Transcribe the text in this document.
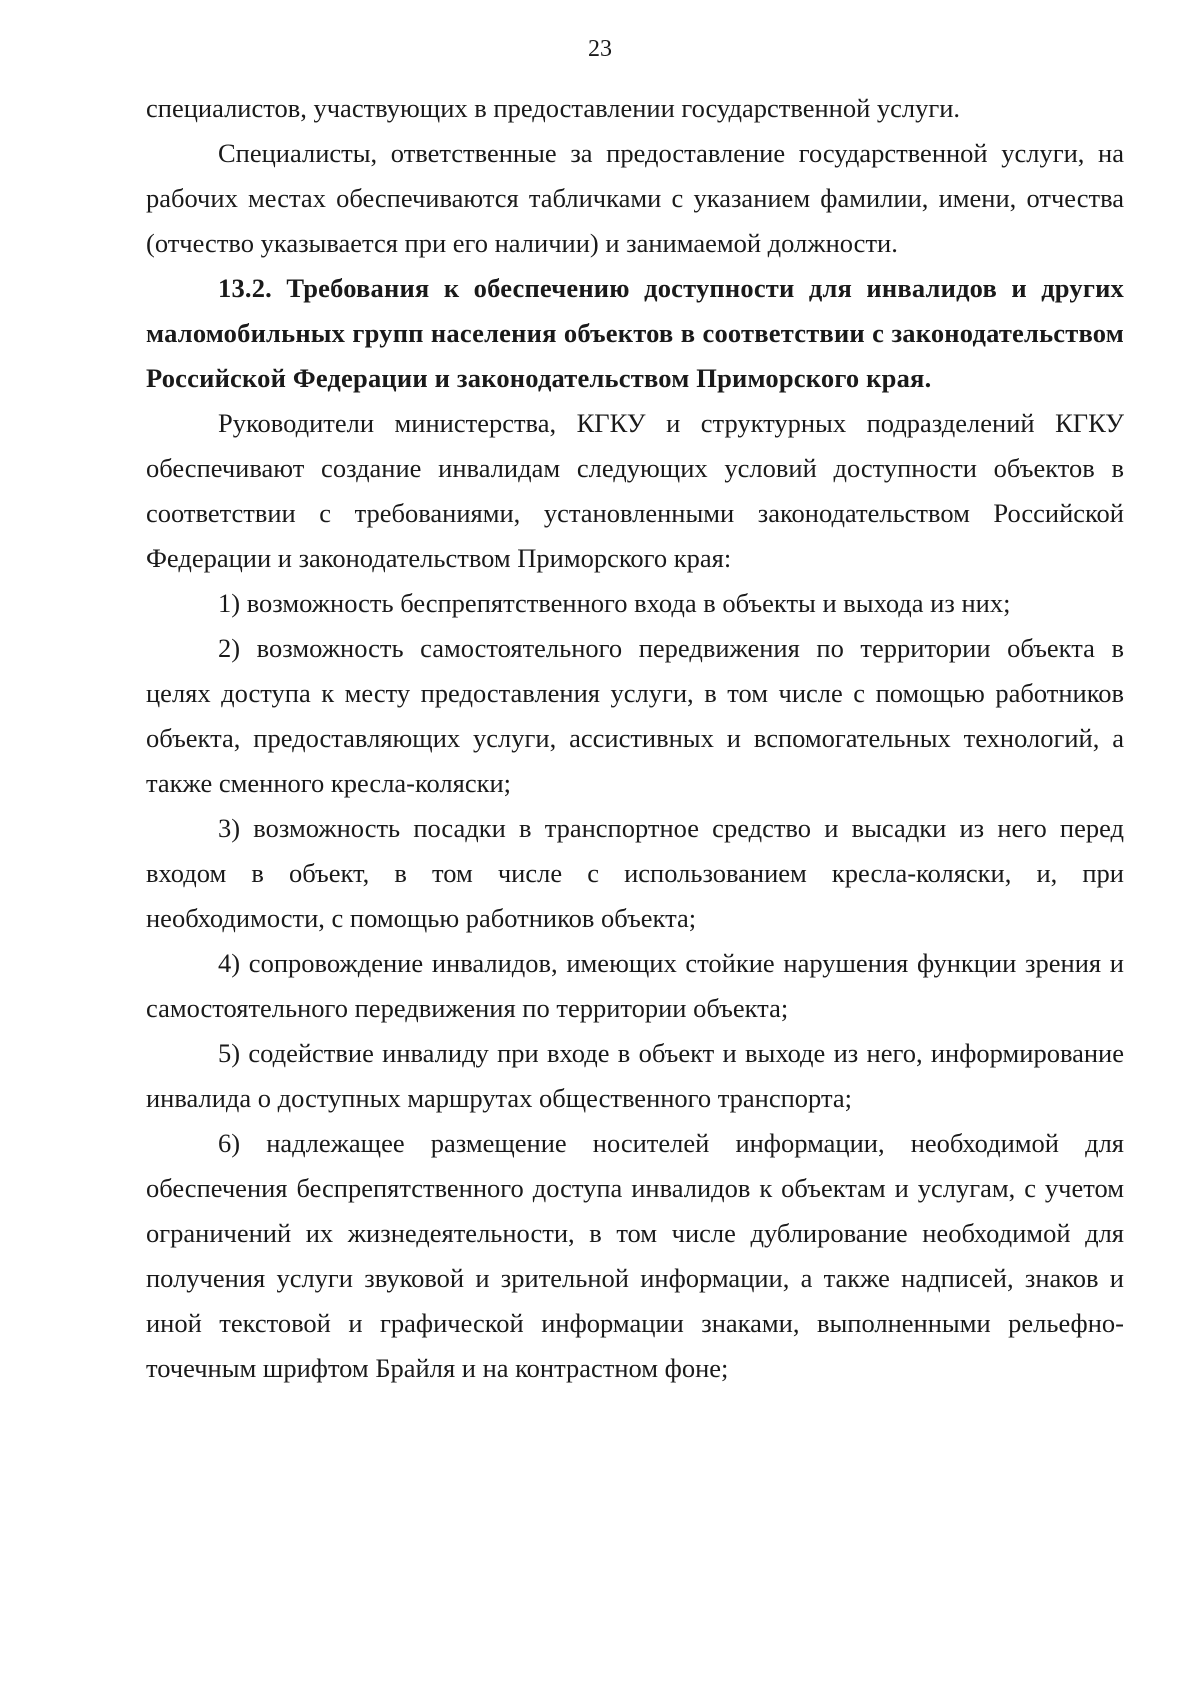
23

специалистов, участвующих в предоставлении государственной услуги.

Специалисты, ответственные за предоставление государственной услуги, на рабочих местах обеспечиваются табличками с указанием фамилии, имени, отчества (отчество указывается при его наличии) и занимаемой должности.

13.2. Требования к обеспечению доступности для инвалидов и других маломобильных групп населения объектов в соответствии с законодательством Российской Федерации и законодательством Приморского края.

Руководители министерства, КГКУ и структурных подразделений КГКУ обеспечивают создание инвалидам следующих условий доступности объектов в соответствии с требованиями, установленными законодательством Российской Федерации и законодательством Приморского края:

1) возможность беспрепятственного входа в объекты и выхода из них;

2) возможность самостоятельного передвижения по территории объекта в целях доступа к месту предоставления услуги, в том числе с помощью работников объекта, предоставляющих услуги, ассистивных и вспомогательных технологий, а также сменного кресла-коляски;

3) возможность посадки в транспортное средство и высадки из него перед входом в объект, в том числе с использованием кресла-коляски, и, при необходимости, с помощью работников объекта;

4) сопровождение инвалидов, имеющих стойкие нарушения функции зрения и самостоятельного передвижения по территории объекта;

5) содействие инвалиду при входе в объект и выходе из него, информирование инвалида о доступных маршрутах общественного транспорта;

6) надлежащее размещение носителей информации, необходимой для обеспечения беспрепятственного доступа инвалидов к объектам и услугам, с учетом ограничений их жизнедеятельности, в том числе дублирование необходимой для получения услуги звуковой и зрительной информации, а также надписей, знаков и иной текстовой и графической информации знаками, выполненными рельефно-точечным шрифтом Брайля и на контрастном фоне;
